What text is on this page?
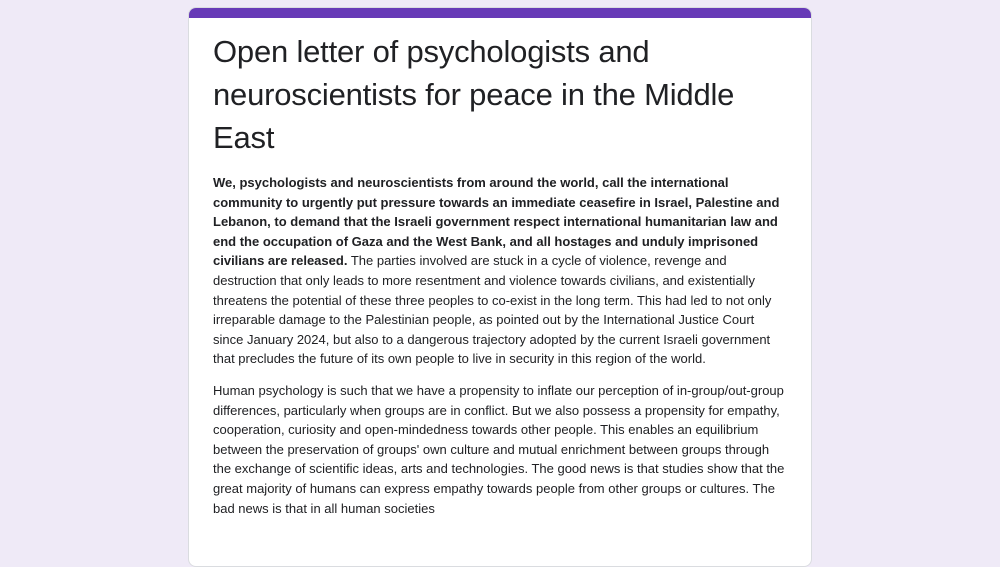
Open letter of psychologists and neuroscientists for peace in the Middle East

We, psychologists and neuroscientists from around the world, call the international community to urgently put pressure towards an immediate ceasefire in Israel, Palestine and Lebanon, to demand that the Israeli government respect international humanitarian law and end the occupation of Gaza and the West Bank, and all hostages and unduly imprisoned civilians are released. The parties involved are stuck in a cycle of violence, revenge and destruction that only leads to more resentment and violence towards civilians, and existentially threatens the potential of these three peoples to co-exist in the long term. This had led to not only irreparable damage to the Palestinian people, as pointed out by the International Justice Court since January 2024, but also to a dangerous trajectory adopted by the current Israeli government that precludes the future of its own people to live in security in this region of the world.

Human psychology is such that we have a propensity to inflate our perception of in-group/out-group differences, particularly when groups are in conflict. But we also possess a propensity for empathy, cooperation, curiosity and open-mindedness towards other people. This enables an equilibrium between the preservation of groups' own culture and mutual enrichment between groups through the exchange of scientific ideas, arts and technologies. The good news is that studies show that the great majority of humans can express empathy towards people from other groups or cultures. The bad news is that in all human societies
